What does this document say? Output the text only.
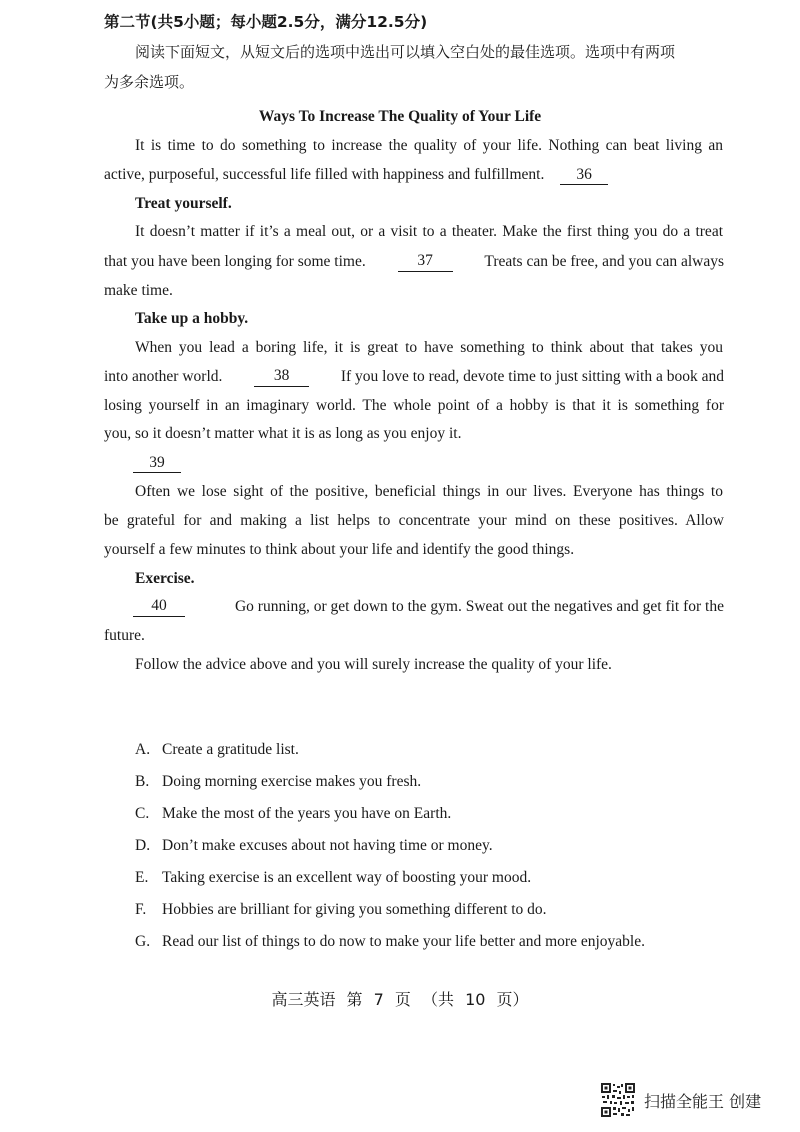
第二节(共5小题；每小题2.5分，满分12.5分)
阅读下面短文，从短文后的选项中选出可以填入空白处的最佳选项。选项中有两项
为多余选项。
Ways To Increase The Quality of Your Life
It is time to do something to increase the quality of your life. Nothing can beat living an
active, purposeful, successful life filled with happiness and fulfillment. 36
Treat yourself.
It doesn’t matter if it’s a meal out, or a visit to a theater. Make the first thing you do a treat
that you have been longing for some time.	37	Treats can be free, and you can always
make time.
Take up a hobby.
When you lead a boring life, it is great to have something to think about that takes you
into another world.	38	If you love to read, devote time to just sitting with a book and
losing yourself in an imaginary world. The whole point of a hobby is that it is something for
you, so it doesn’t matter what it is as long as you enjoy it.
39
Often we lose sight of the positive, beneficial things in our lives. Everyone has things to
be grateful for and making a list helps to concentrate your mind on these positives. Allow
yourself a few minutes to think about your life and identify the good things.
Exercise.
40	Go running, or get down to the gym. Sweat out the negatives and get fit for the
future.
Follow the advice above and you will surely increase the quality of your life.
A. Create a gratitude list.
B. Doing morning exercise makes you fresh.
C. Make the most of the years you have on Earth.
D. Don’t make excuses about not having time or money.
E. Taking exercise is an excellent way of boosting your mood.
F. Hobbies are brilliant for giving you something different to do.
G. Read our list of things to do now to make your life better and more enjoyable.
高三英语 第 7 页 （共 10 页）
扫描全能王 创建
